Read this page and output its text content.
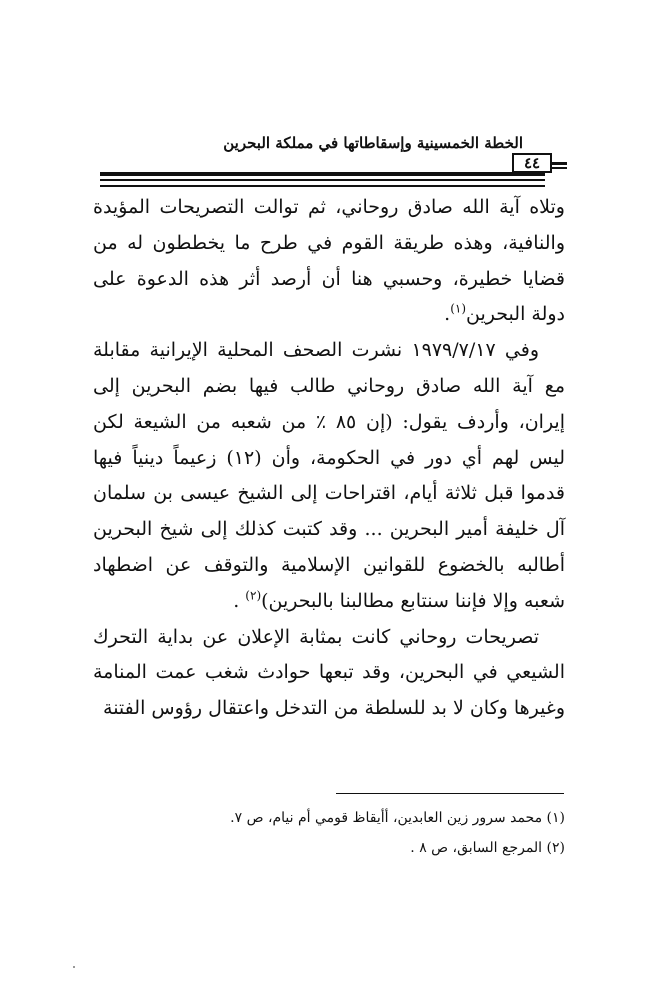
الخطة الخمسينية وإسقاطاتها في مملكة البحرين
٤٤

وتلاه آية الله صادق روحاني، ثم توالت التصريحات المؤيدة والنافية، وهذه طريقة القوم في طرح ما يخططون له من قضايا خطيرة، وحسبي هنا أن أرصد أثر هذه الدعوة على دولة البحرين$^{(١)}$.

وفي ١٩٧٩/٧/١٧ نشرت الصحف المحلية الإيرانية مقابلة مع آية الله صادق روحاني طالب فيها بضم البحرين إلى إيران، وأردف يقول: (إن ٨٥ ٪ من شعبه من الشيعة لكن ليس لهم أي دور في الحكومة، وأن (١٢) زعيماً دينياً فيها قدموا قبل ثلاثة أيام، اقتراحات إلى الشيخ عيسى بن سلمان آل خليفة أمير البحرين ... وقد كتبت كذلك إلى شيخ البحرين أطالبه بالخضوع للقوانين الإسلامية والتوقف عن اضطهاد شعبه وإلا فإننا سنتابع مطالبنا بالبحرين)$^{(٢)}$ .

تصريحات روحاني كانت بمثابة الإعلان عن بداية التحرك الشيعي في البحرين، وقد تبعها حوادث شغب عمت المنامة وغيرها وكان لا بد للسلطة من التدخل واعتقال رؤوس الفتنة

(١) محمد سرور زين العابدين، أأيقاظ قومي أم نيام، ص ٧.
(٢) المرجع السابق، ص ٨ .
